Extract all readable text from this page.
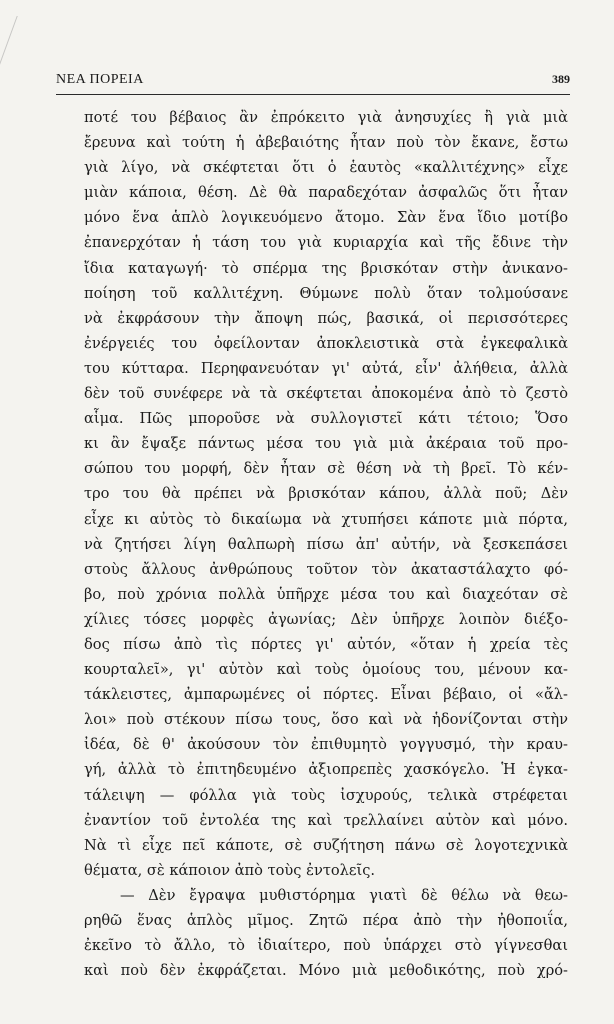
ΝΕΑ ΠΟΡΕΙΑ	389
ποτέ του βέβαιος ἂν ἐπρόκειτο γιὰ ἀνησυχίες ἢ γιὰ μιὰ
ἔρευνα καὶ τούτη ἡ ἀβεβαιότης ἦταν ποὺ τὸν ἔκανε, ἔστω
γιὰ λίγο, νὰ σκέφτεται ὅτι ὁ ἑαυτὸς «καλλιτέχνης» εἶχε
μιὰν κάποια, θέση. Δὲ θὰ παραδεχόταν ἀσφαλῶς ὅτι ἦταν
μόνο ἕνα ἁπλὸ λογικευόμενο ἄτομο. Σὰν ἕνα ἴδιο μοτίβο
ἐπανερχόταν ἡ τάση του γιὰ κυριαρχία καὶ τῆς ἔδινε τὴν
ἴδια καταγωγή· τὸ σπέρμα της βρισκόταν στὴν ἀνικανο-
ποίηση τοῦ καλλιτέχνη. Θύμωνε πολὺ ὅταν τολμούσανε
νὰ ἐκφράσουν τὴν ἄποψη πώς, βασικά, οἱ περισσότερες
ἐνέργειές του ὀφείλονταν ἀποκλειστικὰ στὰ ἐγκεφαλικὰ
του κύτταρα. Περηφανευόταν γι' αὐτά, εἶν' ἀλήθεια, ἀλλὰ
δὲν τοῦ συνέφερε νὰ τὰ σκέφτεται ἀποκομένα ἀπὸ τὸ ζεστὸ
αἷμα. Πῶς μποροῦσε νὰ συλλογιστεῖ κάτι τέτοιο; Ὅσο
κι ἂν ἔψαξε πάντως μέσα του γιὰ μιὰ ἀκέραια τοῦ προ-
σώπου του μορφή, δὲν ἦταν σὲ θέση νὰ τὴ βρεῖ. Τὸ κέν-
τρο του θὰ πρέπει νὰ βρισκόταν κάπου, ἀλλὰ ποῦ; Δὲν
εἶχε κι αὐτὸς τὸ δικαίωμα νὰ χτυπήσει κάποτε μιὰ πόρτα,
νὰ ζητήσει λίγη θαλπωρὴ πίσω ἀπ' αὐτήν, νὰ ξεσκεπάσει
στοὺς ἄλλους ἀνθρώπους τοῦτον τὸν ἀκαταστάλαχτο φό-
βο, ποὺ χρόνια πολλὰ ὑπῆρχε μέσα του καὶ διαχεόταν σὲ
χίλιες τόσες μορφὲς ἀγωνίας; Δὲν ὑπῆρχε λοιπὸν διέξο-
δος πίσω ἀπὸ τὶς πόρτες γι' αὐτόν, «ὅταν ἡ χρεία τὲς
κουρταλεῖ», γι' αὐτὸν καὶ τοὺς ὁμοίους του, μένουν κα-
τάκλειστες, ἀμπαρωμένες οἱ πόρτες. Εἶναι βέβαιο, οἱ «ἄλ-
λοι» ποὺ στέκουν πίσω τους, ὅσο καὶ νὰ ἡδονίζονται στὴν
ἰδέα, δὲ θ' ἀκούσουν τὸν ἐπιθυμητὸ γογγυσμό, τὴν κραυ-
γή, ἀλλὰ τὸ ἐπιτηδευμένο ἀξιοπρεπὲς χασκόγελο. Ἡ ἐγκα-
τάλειψη — φόλλα γιὰ τοὺς ἰσχυρούς, τελικὰ στρέφεται
ἐναντίον τοῦ ἐντολέα της καὶ τρελλαίνει αὐτὸν καὶ μόνο.
Νὰ τὶ εἶχε πεῖ κάποτε, σὲ συζήτηση πάνω σὲ λογοτεχνικὰ
θέματα, σὲ κάποιον ἀπὸ τοὺς ἐντολεῖς.
— Δὲν ἔγραψα μυθιστόρημα γιατὶ δὲ θέλω νὰ θεω-
ρηθῶ ἕνας ἁπλὸς μῖμος. Ζητῶ πέρα ἀπὸ τὴν ἠθοποιΐα,
ἐκεῖνο τὸ ἄλλο, τὸ ἰδιαίτερο, ποὺ ὑπάρχει στὸ γίγνεσθαι
καὶ ποὺ δὲν ἐκφράζεται. Μόνο μιὰ μεθοδικότης, ποὺ χρό-
